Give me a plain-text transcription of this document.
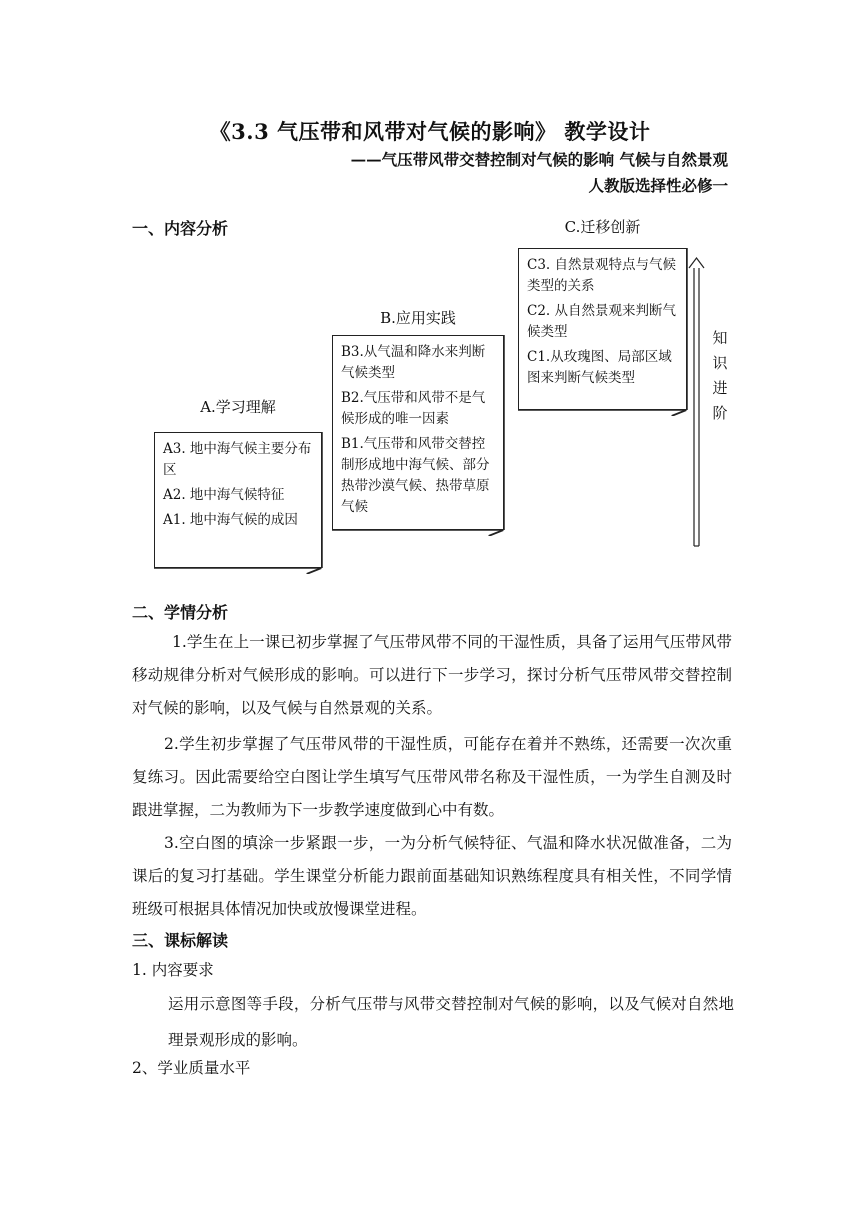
《3.3 气压带和风带对气候的影响》 教学设计
——气压带风带交替控制对气候的影响 气候与自然景观
人教版选择性必修一
一、内容分析
A.学习理解

A3. 地中海气候主要分布区

A2. 地中海气候特征

A1. 地中海气候的成因

B.应用实践

B3.从气温和降水来判断气候类型

B2.气压带和风带不是气候形成的唯一因素

B1.气压带和风带交替控制形成地中海气候、部分热带沙漠气候、热带草原气候

C.迁移创新

C3. 自然景观特点与气候类型的关系

C2. 从自然景观来判断气候类型

C1.从玫瑰图、局部区域图来判断气候类型

知识进阶
二、学情分析
1.学生在上一课已初步掌握了气压带风带不同的干湿性质，具备了运用气压带风带移动规律分析对气候形成的影响。可以进行下一步学习，探讨分析气压带风带交替控制对气候的影响，以及气候与自然景观的关系。
2.学生初步掌握了气压带风带的干湿性质，可能存在着并不熟练，还需要一次次重复练习。因此需要给空白图让学生填写气压带风带名称及干湿性质，一为学生自测及时跟进掌握，二为教师为下一步教学速度做到心中有数。
3.空白图的填涂一步紧跟一步，一为分析气候特征、气温和降水状况做准备，二为课后的复习打基础。学生课堂分析能力跟前面基础知识熟练程度具有相关性，不同学情班级可根据具体情况加快或放慢课堂进程。
三、课标解读
1. 内容要求
运用示意图等手段，分析气压带与风带交替控制对气候的影响，以及气候对自然地理景观形成的影响。
2、学业质量水平
